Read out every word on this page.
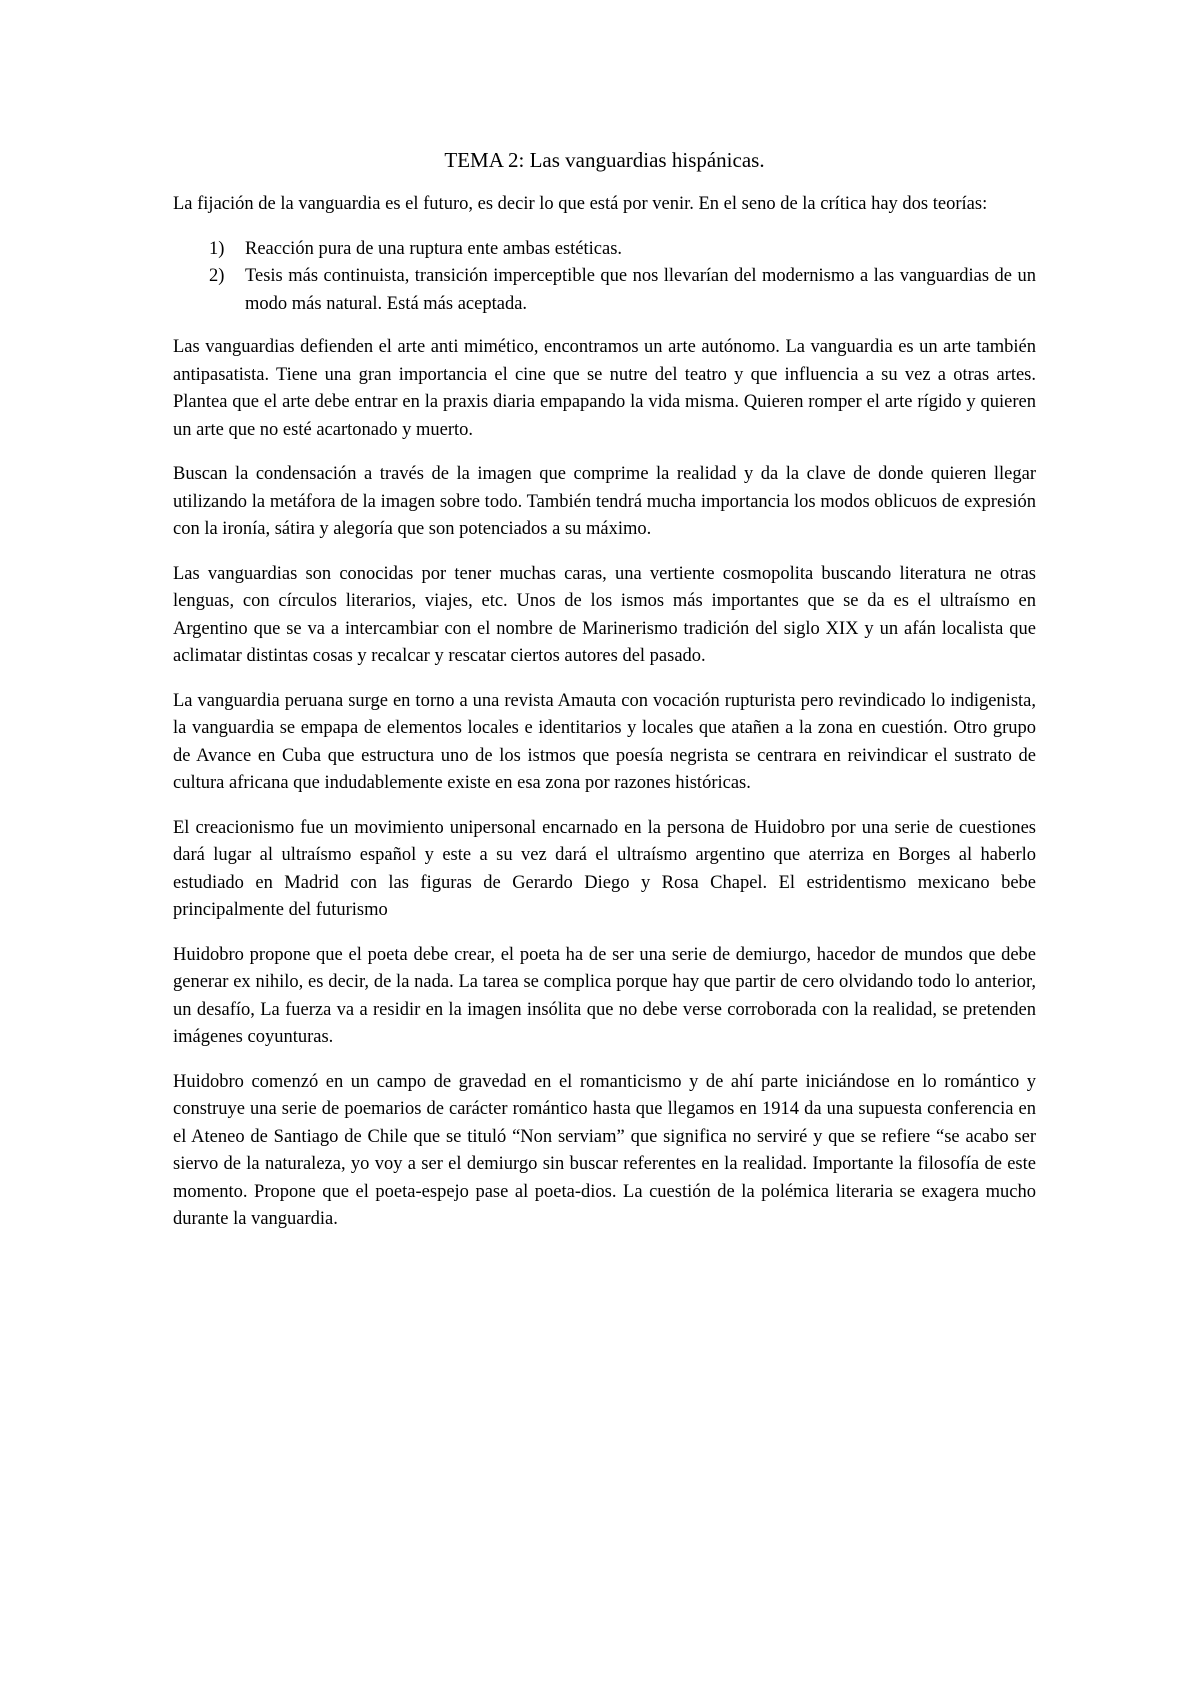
TEMA 2: Las vanguardias hispánicas.

La fijación de la vanguardia es el futuro, es decir lo que está por venir. En el seno de la crítica hay dos teorías:

1) Reacción pura de una ruptura ente ambas estéticas.
2) Tesis más continuista, transición imperceptible que nos llevarían del modernismo a las vanguardias de un modo más natural. Está más aceptada.

Las vanguardias defienden el arte anti mimético, encontramos un arte autónomo. La vanguardia es un arte también antipasatista. Tiene una gran importancia el cine que se nutre del teatro y que influencia a su vez a otras artes. Plantea que el arte debe entrar en la praxis diaria empapando la vida misma. Quieren romper el arte rígido y quieren un arte que no esté acartonado y muerto.

Buscan la condensación a través de la imagen que comprime la realidad y da la clave de donde quieren llegar utilizando la metáfora de la imagen sobre todo. También tendrá mucha importancia los modos oblicuos de expresión con la ironía, sátira y alegoría que son potenciados a su máximo.

Las vanguardias son conocidas por tener muchas caras, una vertiente cosmopolita buscando literatura ne otras lenguas, con círculos literarios, viajes, etc. Unos de los ismos más importantes que se da es el ultraísmo en Argentino que se va a intercambiar con el nombre de Marinerismo tradición del siglo XIX y un afán localista que aclimatar distintas cosas y recalcar y rescatar ciertos autores del pasado.

La vanguardia peruana surge en torno a una revista Amauta con vocación rupturista pero revindicado lo indigenista, la vanguardia se empapa de elementos locales e identitarios y locales que atañen a la zona en cuestión. Otro grupo de Avance en Cuba que estructura uno de los istmos que poesía negrista se centrara en reivindicar el sustrato de cultura africana que indudablemente existe en esa zona por razones históricas.

El creacionismo fue un movimiento unipersonal encarnado en la persona de Huidobro por una serie de cuestiones dará lugar al ultraísmo español y este a su vez dará el ultraísmo argentino que aterriza en Borges al haberlo estudiado en Madrid con las figuras de Gerardo Diego y Rosa Chapel. El estridentismo mexicano bebe principalmente del futurismo

Huidobro propone que el poeta debe crear, el poeta ha de ser una serie de demiurgo, hacedor de mundos que debe generar ex nihilo, es decir, de la nada. La tarea se complica porque hay que partir de cero olvidando todo lo anterior, un desafío, La fuerza va a residir en la imagen insólita que no debe verse corroborada con la realidad, se pretenden imágenes coyunturas.

Huidobro comenzó en un campo de gravedad en el romanticismo y de ahí parte iniciándose en lo romántico y construye una serie de poemarios de carácter romántico hasta que llegamos en 1914 da una supuesta conferencia en el Ateneo de Santiago de Chile que se tituló “Non serviam” que significa no serviré y que se refiere “se acabo ser siervo de la naturaleza, yo voy a ser el demiurgo sin buscar referentes en la realidad. Importante la filosofía de este momento. Propone que el poeta-espejo pase al poeta-dios. La cuestión de la polémica literaria se exagera mucho durante la vanguardia.
